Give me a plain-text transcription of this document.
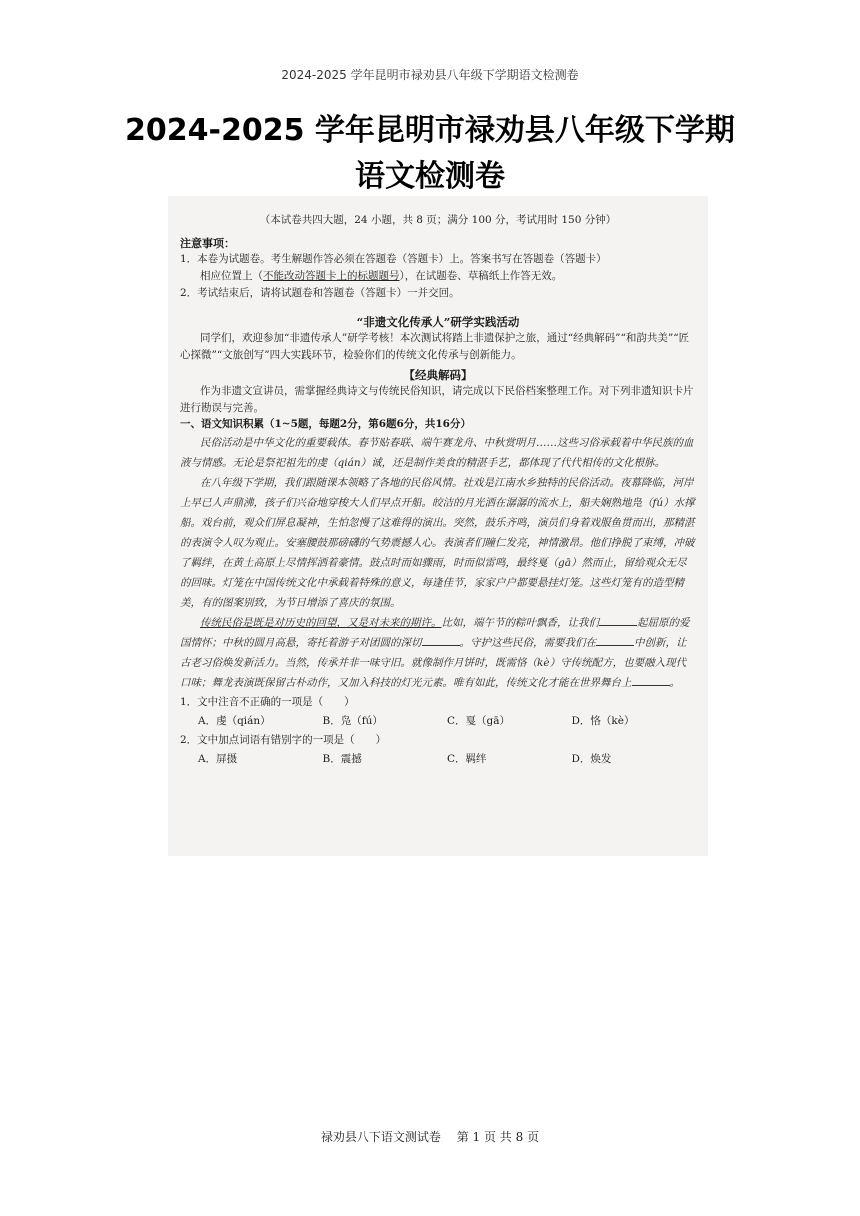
2024-2025 学年昆明市禄劝县八年级下学期语文检测卷
2024-2025 学年昆明市禄劝县八年级下学期
语文检测卷
（本试卷共四大题，24 小题，共 8 页；满分 100 分，考试用时 150 分钟）
注意事项：
1．本卷为试题卷。考生解题作答必须在答题卷（答题卡）上。答案书写在答题卷（答题卡）
相应位置上（不能改动答题卡上的标题题号），在试题卷、草稿纸上作答无效。
2．考试结束后，请将试题卷和答题卷（答题卡）一并交回。
“非遗文化传承人”研学实践活动
同学们，欢迎参加“非遗传承人”研学考核！本次测试将踏上非遗保护之旅，通过“经典解码”“和韵共美”“匠心探微”“文旅创写”四大实践环节，检验你们的传统文化传承与创新能力。
【经典解码】
作为非遗文宣讲员，需掌握经典诗文与传统民俗知识，请完成以下民俗档案整理工作。对下列非遗知识卡片进行勘误与完善。
一、语文知识积累（1~5题，每题2分，第6题6分，共16分）
民俗活动是中华文化的重要载体。春节贴春联、端午赛龙舟、中秋赏明月……这些习俗承载着中华民族的血液与情感。无论是祭祀祖先的虔（qián）诚，还是制作美食的精湛手艺，都体现了代代相传的文化根脉。
在八年级下学期，我们跟随课本领略了各地的民俗风情。社戏是江南水乡独特的民俗活动。夜幕降临，河岸上早已人声鼎沸，孩子们兴奋地穿梭大人们早点开船。皎洁的月光洒在潺潺的流水上，船夫娴熟地凫（fú）水撑船。戏台前，观众们屏息凝神，生怕忽慢了这难得的演出。突然，鼓乐齐鸣，演员们身着戏服鱼贯而出，那精湛的表演令人叹为观止。安塞腰鼓那磅礴的气势震撼人心。表演者们瞳仁发亮，神情激昂。他们挣脱了束缚，冲破了羁绊，在黄土高原上尽情挥洒着豪情。鼓点时而如骤雨，时而似雷鸣，最终戛（gā）然而止，留给观众无尽的回味。灯笼在中国传统文化中承载着特殊的意义，每逢佳节，家家户户都要悬挂灯笼。这些灯笼有的造型精美，有的图案别致，为节日增添了喜庆的氛围。
传统民俗是既是对历史的回望，又是对未来的期许。比如，端午节的粽叶飘香，让我们	起屈原的爱国情怀；中秋的圆月高悬，寄托着游子对团圆的深切	。守护这些民俗，需要我们在	中创新，让古老习俗焕发新活力。当然，传承并非一味守旧。就像制作月饼时，既需恪（kè）守传统配方，也要融入现代口味；舞龙表演既保留古朴动作，又加入科技的灯光元素。唯有如此，传统文化才能在世界舞台上	。
1．文中注音不正确的一项是（　　）
A．虔（qián）	B．凫（fú）	C．戛（gā）	D．恪（kè）
2．文中加点词语有错别字的一项是（　　）
A．屏摄	B．震撼	C．羁绊	D．焕发
禄劝县八下语文测试卷　 第 1 页 共 8 页
